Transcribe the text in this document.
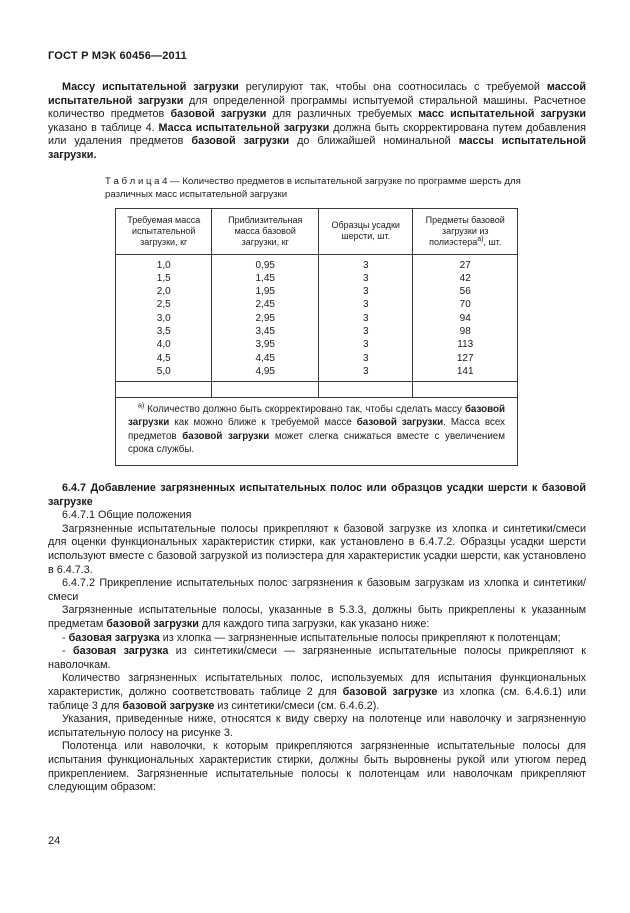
ГОСТ Р МЭК 60456—2011

Массу испытательной загрузки регулируют так, чтобы она соотносилась с требуемой массой испытательной загрузки для определенной программы испытуемой стиральной машины. Расчетное количество предметов базовой загрузки для различных требуемых масс испытательной загрузки указано в таблице 4. Масса испытательной загрузки должна быть скорректирована путем добавления или удаления предметов базовой загрузки до ближайшей номинальной массы испытательной загрузки.

Т а б л и ц а 4 — Количество предметов в испытательной загрузке по программе шерсть для различных масс испытательной загрузки

Требуемая масса испытательной загрузки, кг	Приблизительная масса базовой загрузки, кг	Образцы усадки шерсти, шт.	Предметы базовой загрузки из полиэстера$^{а)}$, шт.
1,0	0,95	3	27
1,5	1,45	3	42
2,0	1,95	3	56
2,5	2,45	3	70
3,0	2,95	3	94
3,5	3,45	3	98
4,0	3,95	3	113
4,5	4,45	3	127
5,0	4,95	3	141

$^{а)}$ Количество должно быть скорректировано так, чтобы сделать массу базовой загрузки как можно ближе к требуемой массе базовой загрузки. Масса всех предметов базовой загрузки может слегка снижаться вместе с увеличением срока службы.			

6.4.7 Добавление загрязненных испытательных полос или образцов усадки шерсти к базовой загрузке

6.4.7.1 Общие положения

Загрязненные испытательные полосы прикрепляют к базовой загрузке из хлопка и синтетики/смеси для оценки функциональных характеристик стирки, как установлено в 6.4.7.2. Образцы усадки шерсти используют вместе с базовой загрузкой из полиэстера для характеристик усадки шерсти, как установлено в 6.4.7.3.

6.4.7.2 Прикрепление испытательных полос загрязнения к базовым загрузкам из хлопка и синтетики/смеси

Загрязненные испытательные полосы, указанные в 5.3.3, должны быть прикреплены к указанным предметам базовой загрузки для каждого типа загрузки, как указано ниже:

- базовая загрузка из хлопка — загрязненные испытательные полосы прикрепляют к полотенцам;

- базовая загрузка из синтетики/смеси — загрязненные испытательные полосы прикрепляют к наволочкам.

Количество загрязненных испытательных полос, используемых для испытания функциональных характеристик, должно соответствовать таблице 2 для базовой загрузке из хлопка (см. 6.4.6.1) или таблице 3 для базовой загрузке из синтетики/смеси (см. 6.4.6.2).

Указания, приведенные ниже, относятся к виду сверху на полотенце или наволочку и загрязненную испытательную полосу на рисунке 3.

Полотенца или наволочки, к которым прикрепляются загрязненные испытательные полосы для испытания функциональных характеристик стирки, должны быть выровнены рукой или утюгом перед прикреплением. Загрязненные испытательные полосы к полотенцам или наволочкам прикрепляют следующим образом:

24
